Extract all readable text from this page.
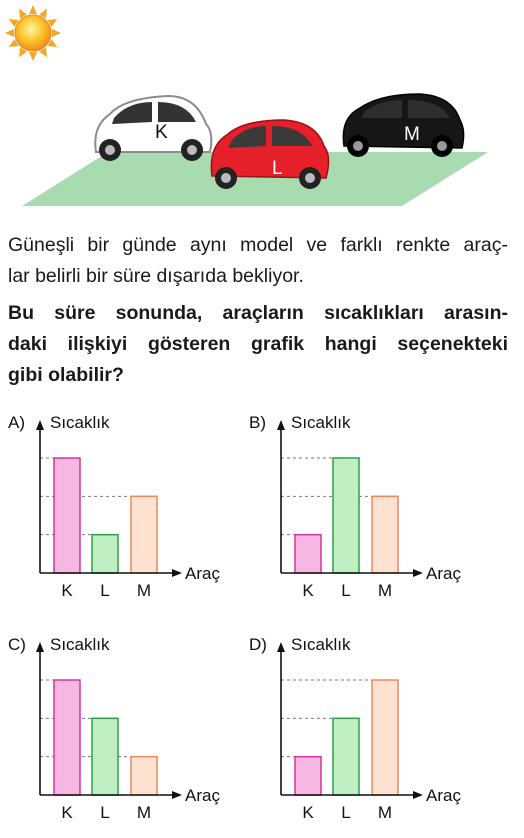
K	M
L

Güneşli bir günde aynı model ve farklı renkte araç-
lar belirli bir süre dışarıda bekliyor.

Bu süre sonunda, araçların sıcaklıkları arasın-
daki ilişkiyi gösteren grafik hangi seçenekteki
gibi olabilir?

A) Sıcaklık
Araç
K L M
B) Sıcaklık
Araç
K L M
C) Sıcaklık
Araç
K L M
D) Sıcaklık
Araç
K L M
